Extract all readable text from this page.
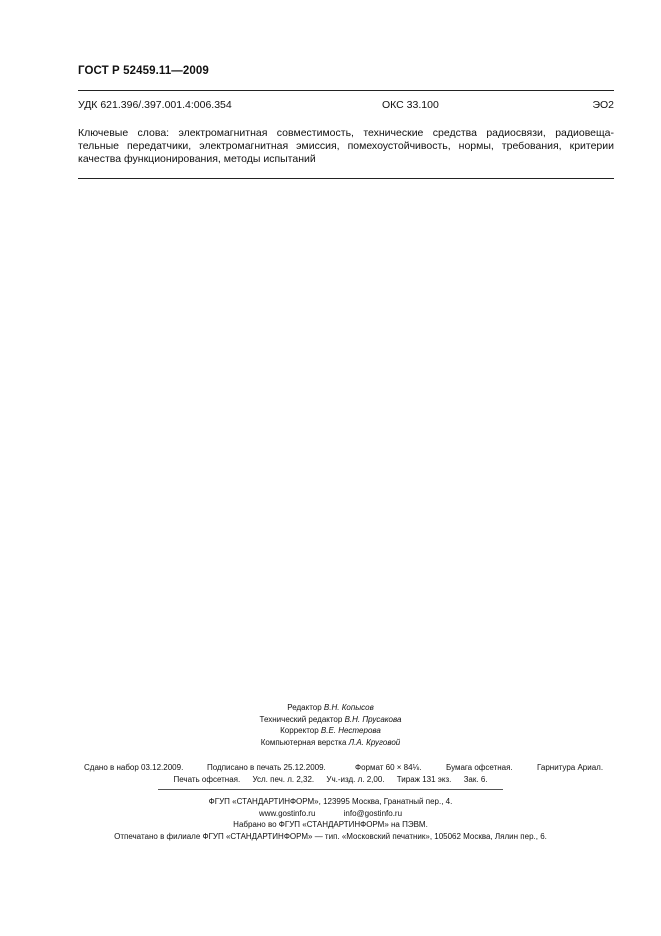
ГОСТ Р 52459.11—2009
УДК 621.396/.397.001.4:006.354	ОКС 33.100	ЭО2
Ключевые слова: электромагнитная совместимость, технические средства радиосвязи, радиовеща-
тельные передатчики, электромагнитная эмиссия, помехоустойчивость, нормы, требования, критерии
качества функционирования, методы испытаний
Редактор В.Н. Копысов
Технический редактор В.Н. Прусакова
Корректор В.Е. Нестерова
Компьютерная верстка Л.А. Круговой
Сдано в набор 03.12.2009.	Подписано в печать 25.12.2009.	Формат 60 × 84⅛.	Бумага офсетная.	Гарнитура Ариал.
Печать офсетная. Усл. печ. л. 2,32. Уч.-изд. л. 2,00. Тираж 131 экз. Зак. 6.
ФГУП «СТАНДАРТИНФОРМ», 123995 Москва, Гранатный пер., 4.
www.gostinfo.ru	info@gostinfo.ru
Набрано во ФГУП «СТАНДАРТИНФОРМ» на ПЭВМ.
Отпечатано в филиале ФГУП «СТАНДАРТИНФОРМ» — тип. «Московский печатник», 105062 Москва, Лялин пер., 6.
